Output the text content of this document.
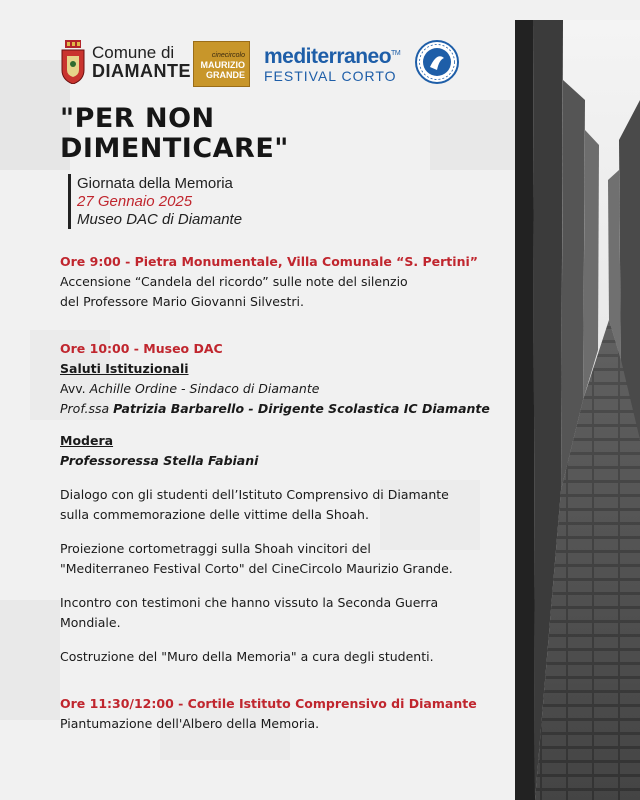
Comune di
DIAMANTE
cinecircolo
MAURIZIO
GRANDE
mediterraneo™
FESTIVAL CORTO
"PER NON
DIMENTICARE"
Giornata della Memoria
27 Gennaio 2025
Museo DAC di Diamante

Ore 9:00 - Pietra Monumentale, Villa Comunale “S. Pertini”

Accensione “Candela del ricordo” sulle note del silenzio

del Professore Mario Giovanni Silvestri.

Ore 10:00 - Museo DAC

Saluti Istituzionali

Avv. Achille Ordine - Sindaco di Diamante

Prof.ssa Patrizia Barbarello - Dirigente Scolastica IC Diamante

Modera

Professoressa Stella Fabiani

Dialogo con gli studenti dell’Istituto Comprensivo di Diamante

sulla commemorazione delle vittime della Shoah.

Proiezione cortometraggi sulla Shoah vincitori del

"Mediterraneo Festival Corto" del CineCircolo Maurizio Grande.

Incontro con testimoni che hanno vissuto la Seconda Guerra

Mondiale.

Costruzione del "Muro della Memoria" a cura degli studenti.

Ore 11:30/12:00 - Cortile Istituto Comprensivo di Diamante

Piantumazione dell'Albero della Memoria.
